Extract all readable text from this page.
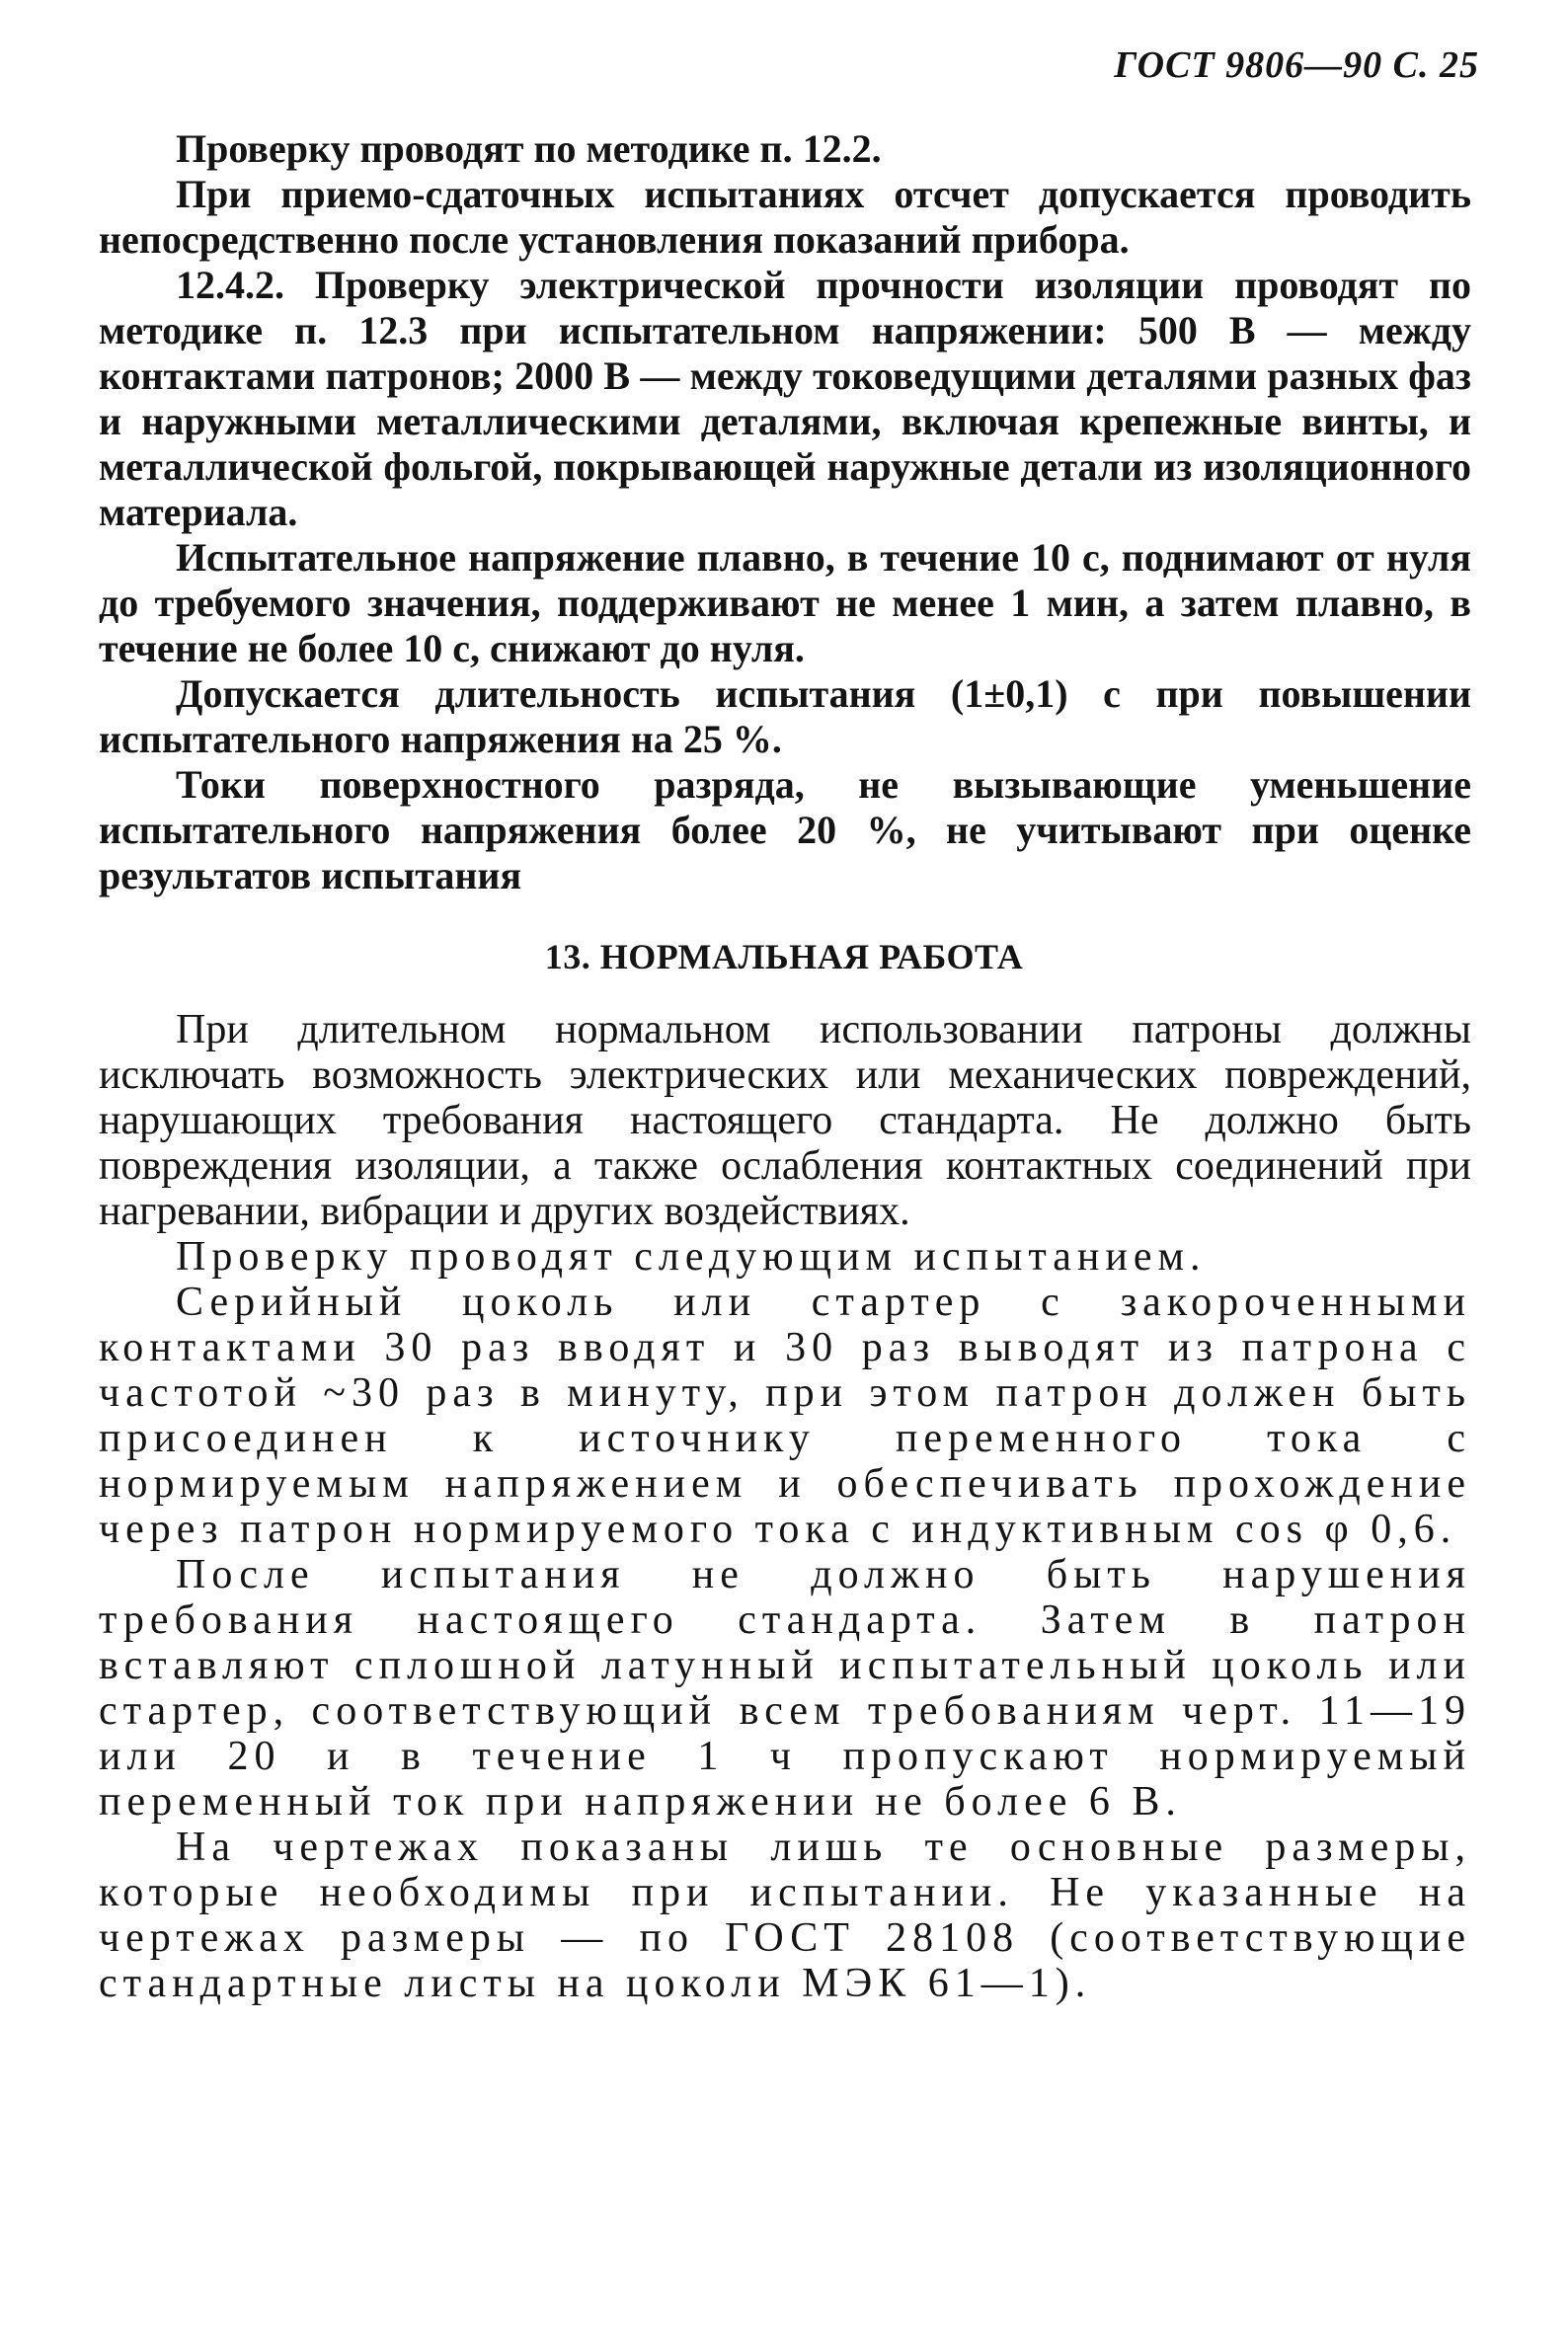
ГОСТ 9806—90 С. 25

Проверку проводят по методике п. 12.2.

При приемо-сдаточных испытаниях отсчет допускается проводить непосредственно после установления показаний прибора.

12.4.2. Проверку электрической прочности изоляции проводят по методике п. 12.3 при испытательном напряжении: 500 В — между контактами патронов; 2000 В — между токоведущими деталями разных фаз и наружными металлическими деталями, включая крепежные винты, и металлической фольгой, покрывающей наружные детали из изоляционного материала.

Испытательное напряжение плавно, в течение 10 с, поднимают от нуля до требуемого значения, поддерживают не менее 1 мин, а затем плавно, в течение не более 10 с, снижают до нуля.

Допускается длительность испытания (1±0,1) с при повышении испытательного напряжения на 25 %.

Токи поверхностного разряда, не вызывающие уменьшение испытательного напряжения более 20 %, не учитывают при оценке результатов испытания

13. НОРМАЛЬНАЯ РАБОТА

При длительном нормальном использовании патроны должны исключать возможность электрических или механических повреждений, нарушающих требования настоящего стандарта. Не должно быть повреждения изоляции, а также ослабления контактных соединений при нагревании, вибрации и других воздействиях.

Проверку проводят следующим испытанием.

Серийный цоколь или стартер с закороченными контактами 30 раз вводят и 30 раз выводят из патрона с частотой ~30 раз в минуту, при этом патрон должен быть присоединен к источнику переменного тока с нормируемым напряжением и обеспечивать прохождение через патрон нормируемого тока с индуктивным cos φ 0,6.

После испытания не должно быть нарушения требования настоящего стандарта. Затем в патрон вставляют сплошной латунный испытательный цоколь или стартер, соответствующий всем требованиям черт. 11—19 или 20 и в течение 1 ч пропускают нормируемый переменный ток при напряжении не более 6 В.

На чертежах показаны лишь те основные размеры, которые необходимы при испытании. Не указанные на чертежах размеры — по ГОСТ 28108 (соответствующие стандартные листы на цоколи МЭК 61—1).
